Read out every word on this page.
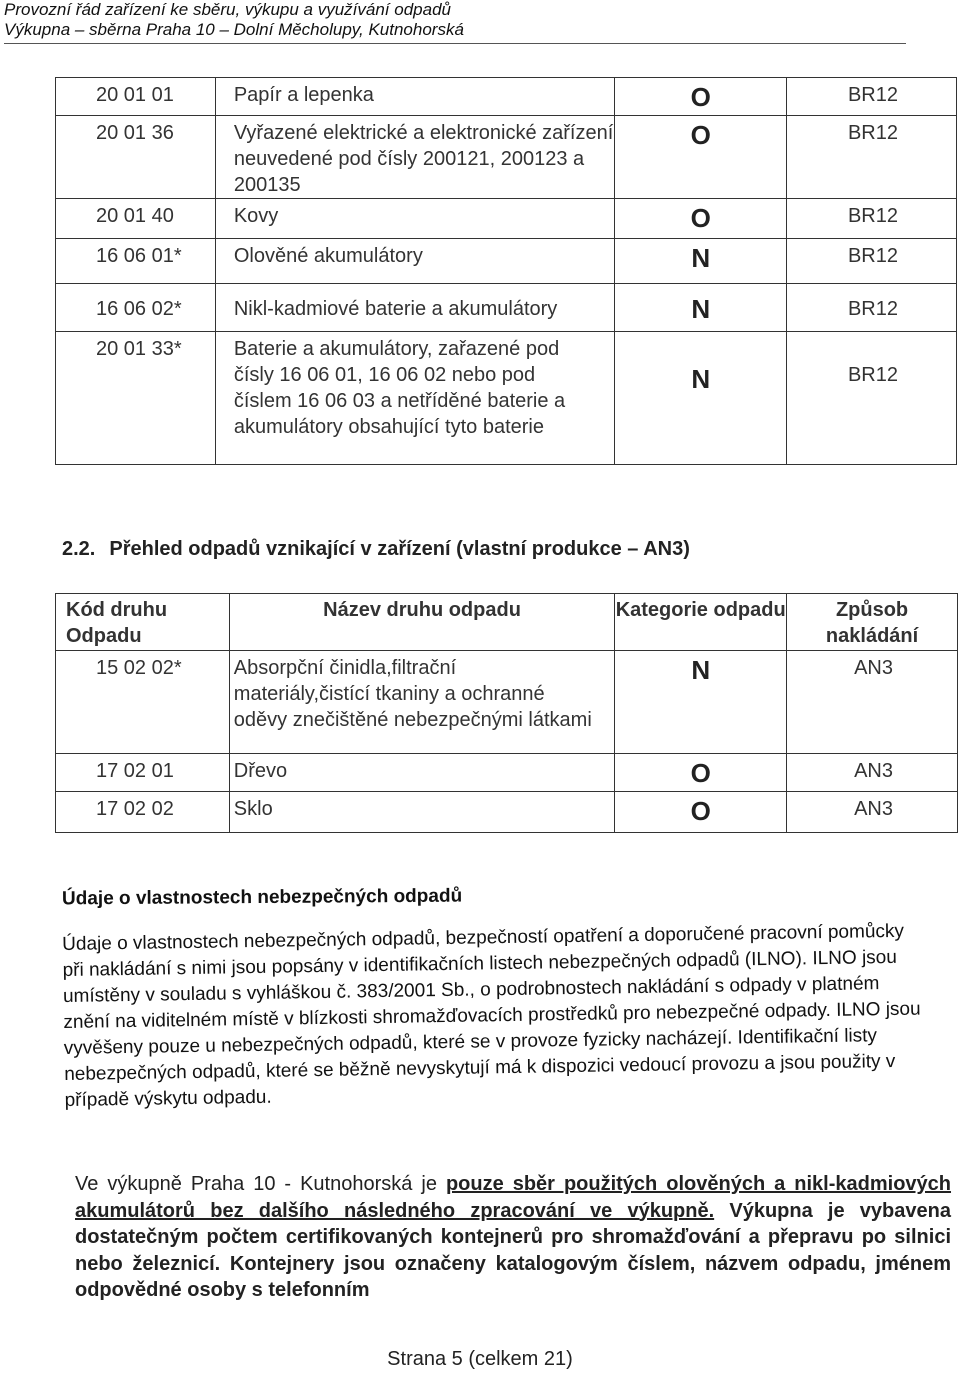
Provozní řád zařízení ke sběru, výkupu a využívání odpadů
Výkupna – sběrna Praha 10 – Dolní Měcholupy, Kutnohorská
20 01 01	Papír a lepenka	O	BR12
20 01 36	Vyřazené elektrické a elektronické zařízení neuvedené pod čísly 200121, 200123 a 200135	O	BR12
20 01 40	Kovy	O	BR12
16 06 01*	Olověné akumulátory	N	BR12
16 06 02*	Nikl-kadmiové baterie a akumulátory	N	BR12
20 01 33*	Baterie a akumulátory, zařazené pod čísly 16 06 01, 16 06 02 nebo pod číslem 16 06 03 a netříděné baterie a akumulátory obsahující tyto baterie	N	BR12
2.2. Přehled odpadů vznikající v zařízení (vlastní produkce – AN3)
Kód druhu Odpadu	Název druhu odpadu	Kategorie odpadu	Způsob nakládání
15 02 02*	Absorpční činidla,filtrační materiály,čistící tkaniny a ochranné oděvy znečištěné nebezpečnými látkami	N	AN3
17 02 01	Dřevo	O	AN3
17 02 02	Sklo	O	AN3
Údaje o vlastnostech nebezpečných odpadů
Údaje o vlastnostech nebezpečných odpadů, bezpečností opatření a doporučené pracovní pomůcky při nakládání s nimi jsou popsány v identifikačních listech nebezpečných odpadů (ILNO). ILNO jsou umístěny v souladu s vyhláškou č. 383/2001 Sb., o podrobnostech nakládání s odpady v platném znění na viditelném místě v blízkosti shromažďovacích prostředků pro nebezpečné odpady. ILNO jsou vyvěšeny pouze u nebezpečných odpadů, které se v provoze fyzicky nacházejí. Identifikační listy nebezpečných odpadů, které se běžně nevyskytují má k dispozici vedoucí provozu a jsou použity v případě výskytu odpadu.
Ve výkupně Praha 10 - Kutnohorská je pouze sběr použitých olověných a nikl-kadmiových akumulátorů bez dalšího následného zpracování ve výkupně. Výkupna je vybavena dostatečným počtem certifikovaných kontejnerů pro shromažďování a přepravu po silnici nebo železnicí. Kontejnery jsou označeny katalogovým číslem, názvem odpadu, jménem odpovědné osoby s telefonním
Strana 5 (celkem 21)
